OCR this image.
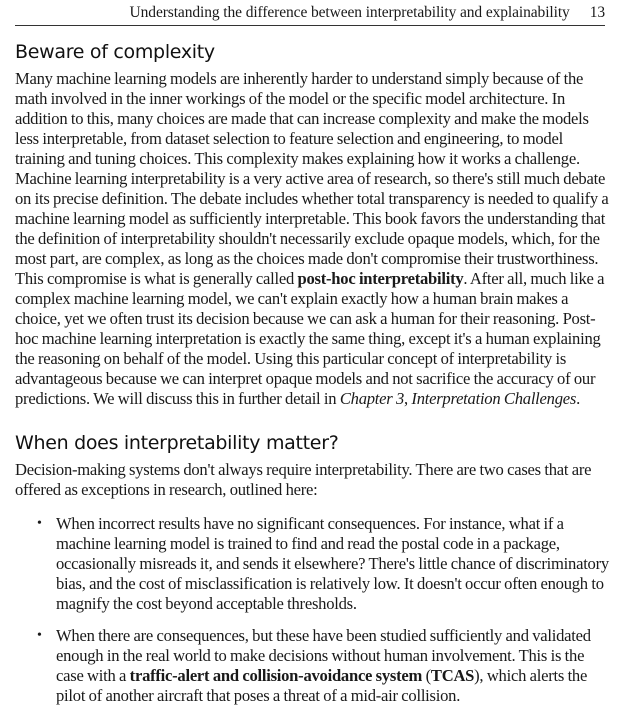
Understanding the difference between interpretability and explainability 13
Beware of complexity

Many machine learning models are inherently harder to understand simply because of the math involved in the inner workings of the model or the specific model architecture. In addition to this, many choices are made that can increase complexity and make the models less interpretable, from dataset selection to feature selection and engineering, to model training and tuning choices. This complexity makes explaining how it works a challenge. Machine learning interpretability is a very active area of research, so there's still much debate on its precise definition. The debate includes whether total transparency is needed to qualify a machine learning model as sufficiently interpretable. This book favors the understanding that the definition of interpretability shouldn't necessarily exclude opaque models, which, for the most part, are complex, as long as the choices made don't compromise their trustworthiness. This compromise is what is generally called post-hoc interpretability. After all, much like a complex machine learning model, we can't explain exactly how a human brain makes a choice, yet we often trust its decision because we can ask a human for their reasoning. Post-hoc machine learning interpretation is exactly the same thing, except it's a human explaining the reasoning on behalf of the model. Using this particular concept of interpretability is advantageous because we can interpret opaque models and not sacrifice the accuracy of our predictions. We will discuss this in further detail in Chapter 3, Interpretation Challenges.

When does interpretability matter?

Decision-making systems don't always require interpretability. There are two cases that are offered as exceptions in research, outlined here:

• When incorrect results have no significant consequences. For instance, what if a machine learning model is trained to find and read the postal code in a package, occasionally misreads it, and sends it elsewhere? There's little chance of discriminatory bias, and the cost of misclassification is relatively low. It doesn't occur often enough to magnify the cost beyond acceptable thresholds.

• When there are consequences, but these have been studied sufficiently and validated enough in the real world to make decisions without human involvement. This is the case with a traffic-alert and collision-avoidance system (TCAS), which alerts the pilot of another aircraft that poses a threat of a mid-air collision.
